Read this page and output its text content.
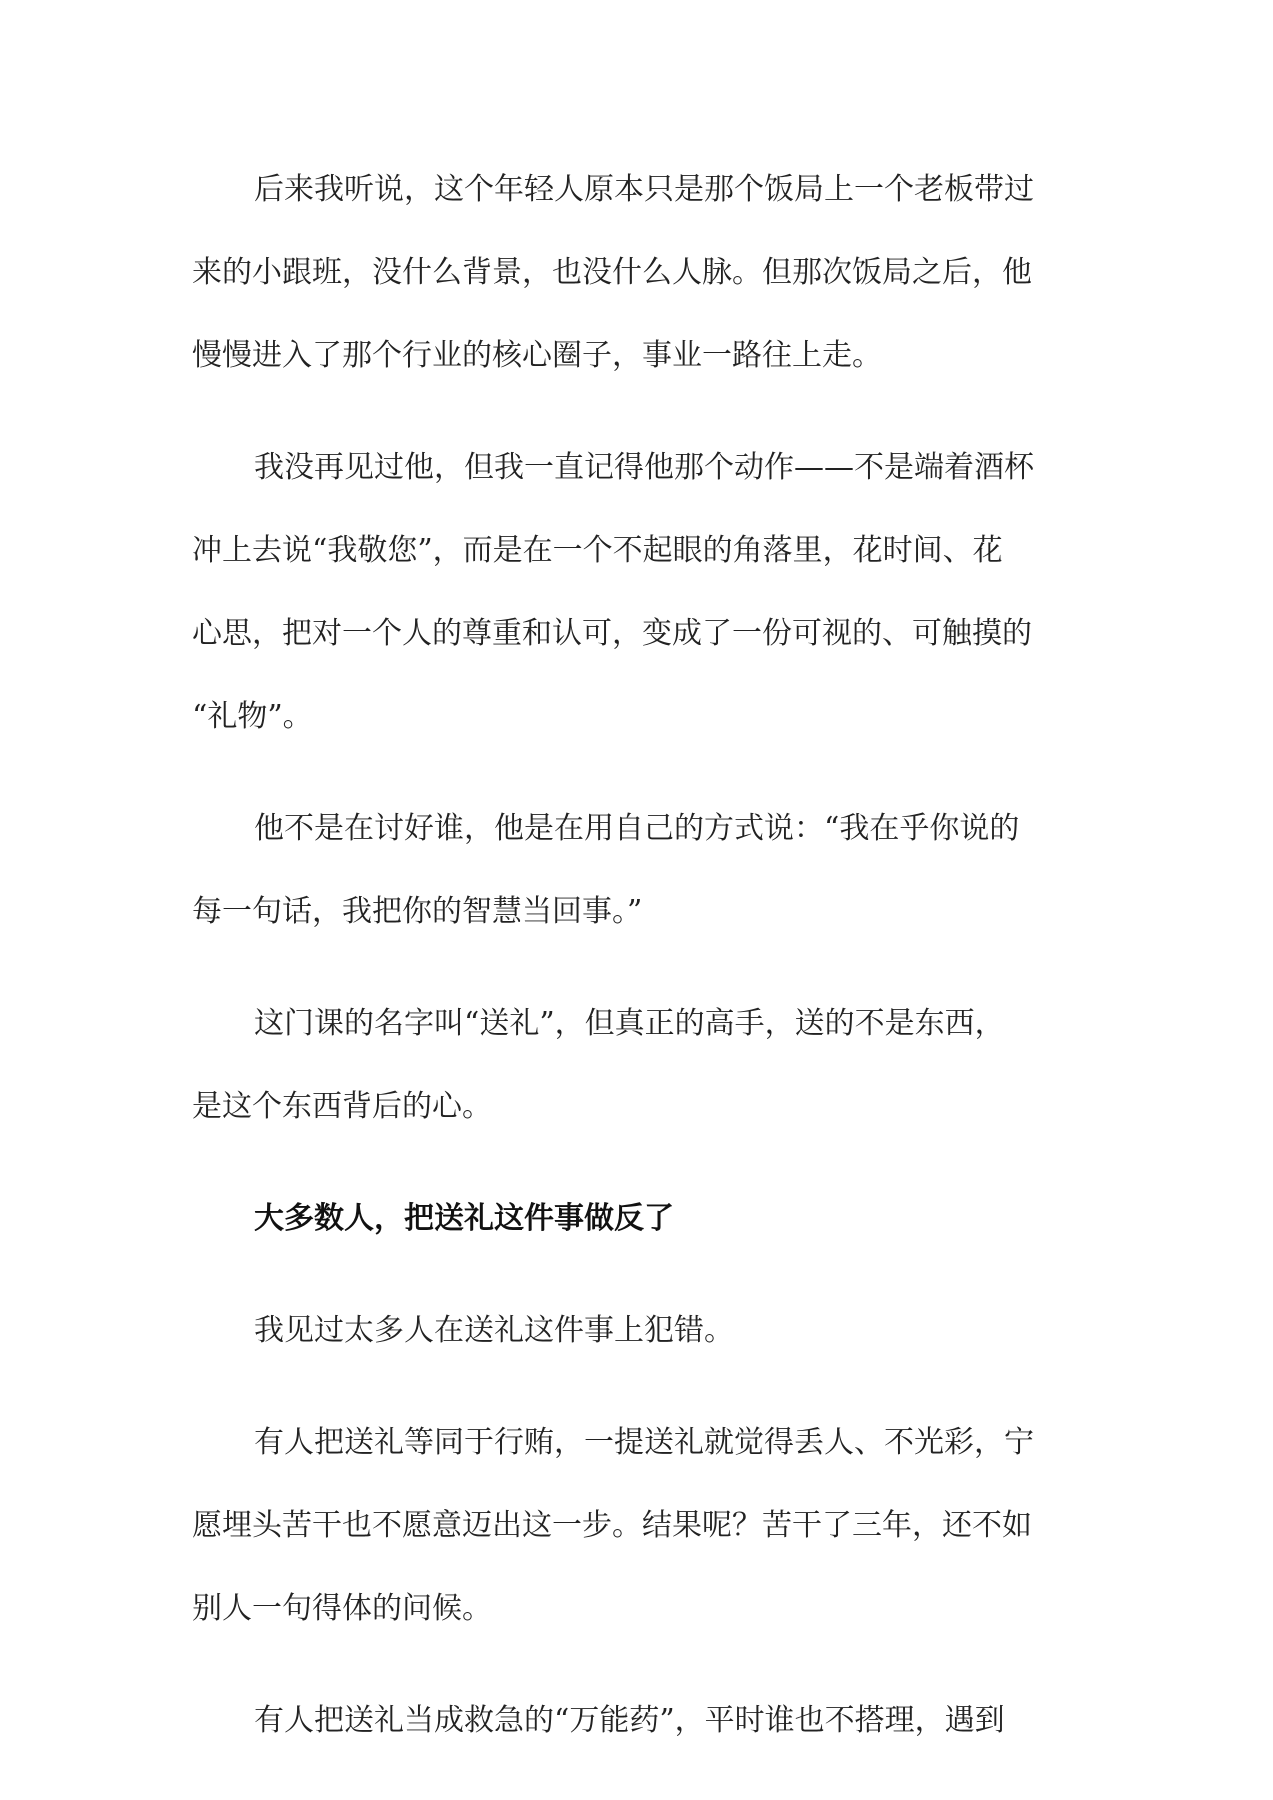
后来我听说，这个年轻人原本只是那个饭局上一个老板带过
来的小跟班，没什么背景，也没什么人脉。但那次饭局之后，他
慢慢进入了那个行业的核心圈子，事业一路往上走。
我没再见过他，但我一直记得他那个动作——不是端着酒杯
冲上去说“我敬您”，而是在一个不起眼的角落里，花时间、花
心思，把对一个人的尊重和认可，变成了一份可视的、可触摸的
“礼物”。
他不是在讨好谁，他是在用自己的方式说：“我在乎你说的
每一句话，我把你的智慧当回事。”
这门课的名字叫“送礼”，但真正的高手，送的不是东西，
是这个东西背后的心。
大多数人，把送礼这件事做反了
我见过太多人在送礼这件事上犯错。
有人把送礼等同于行贿，一提送礼就觉得丢人、不光彩，宁
愿埋头苦干也不愿意迈出这一步。结果呢？苦干了三年，还不如
别人一句得体的问候。
有人把送礼当成救急的“万能药”，平时谁也不搭理，遇到
